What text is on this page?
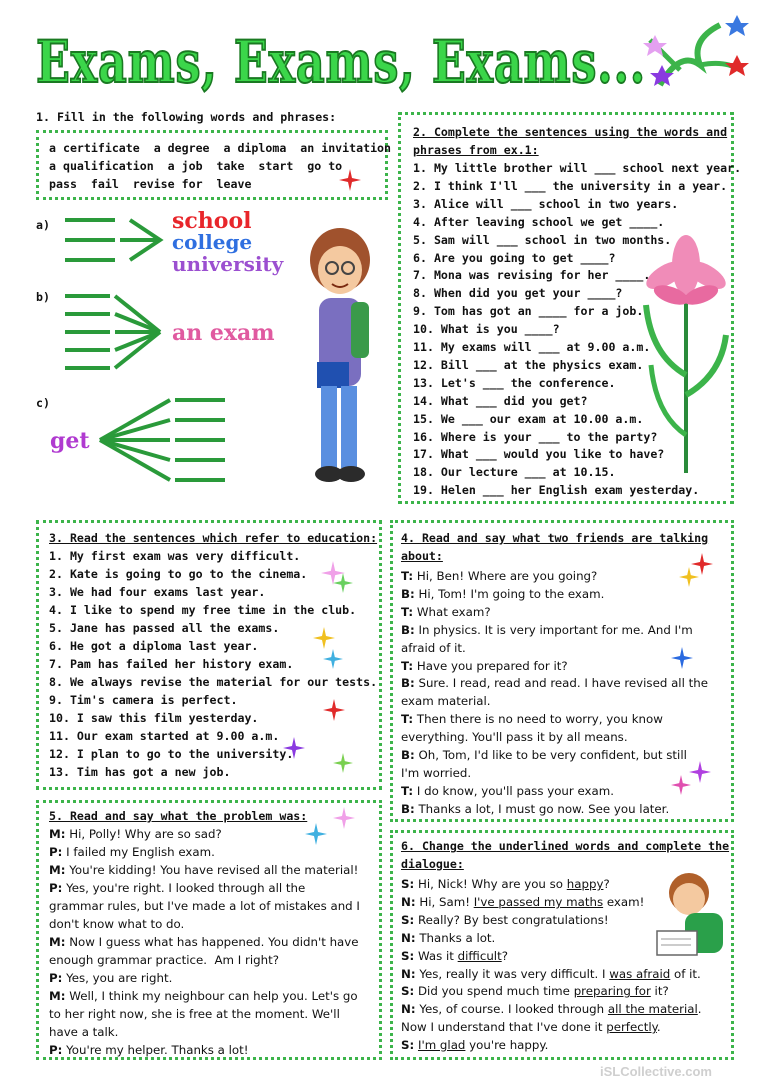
Exams, Exams, Exams...
1. Fill in the following words and phrases:
a certificate  a degree  a diploma  an invitation
a qualification  a job  take  start  go to
pass  fail  revise for  leave
a)	school
college
university
b)
an exam
c)
get
2. Complete the sentences using the words and
phrases from ex.1:
1. My little brother will ___ school next year.
2. I think I'll ___ the university in a year.
3. Alice will ___ school in two years.
4. After leaving school we get ____.
5. Sam will ___ school in two months.
6. Are you going to get ____?
7. Mona was revising for her ____.
8. When did you get your ____?
9. Tom has got an ____ for a job.
10. What is you ____?
11. My exams will ___ at 9.00 a.m.
12. Bill ___ at the physics exam.
13. Let's ___ the conference.
14. What ___ did you get?
15. We ___ our exam at 10.00 a.m.
16. Where is your ___ to the party?
17. What ___ would you like to have?
18. Our lecture ___ at 10.15.
19. Helen ___ her English exam yesterday.
3. Read the sentences which refer to education:
1. My first exam was very difficult.
2. Kate is going to go to the cinema.
3. We had four exams last year.
4. I like to spend my free time in the club.
5. Jane has passed all the exams.
6. He got a diploma last year.
7. Pam has failed her history exam.
8. We always revise the material for our tests.
9. Tim's camera is perfect.
10. I saw this film yesterday.
11. Our exam started at 9.00 a.m.
12. I plan to go to the university.
13. Tim has got a new job.
4. Read and say what two friends are talking
about:
T: Hi, Ben! Where are you going?
B: Hi, Tom! I'm going to the exam.
T: What exam?
B: In physics. It is very important for me. And I'm
afraid of it.
T: Have you prepared for it?
B: Sure. I read, read and read. I have revised all the
exam material.
T: Then there is no need to worry, you know
everything. You'll pass it by all means.
B: Oh, Tom, I'd like to be very confident, but still
I'm worried.
T: I do know, you'll pass your exam.
B: Thanks a lot, I must go now. See you later.
5. Read and say what the problem was:
M: Hi, Polly! Why are so sad?
P: I failed my English exam.
M: You're kidding! You have revised all the material!
P: Yes, you're right. I looked through all the
grammar rules, but I've made a lot of mistakes and I
don't know what to do.
M: Now I guess what has happened. You didn't have
enough grammar practice.  Am I right?
P: Yes, you are right.
M: Well, I think my neighbour can help you. Let's go
to her right now, she is free at the moment. We'll
have a talk.
P: You're my helper. Thanks a lot!
6. Change the underlined words and complete the
dialogue:
S: Hi, Nick! Why are you so happy?
N: Hi, Sam! I've passed my maths exam!
S: Really? By best congratulations!
N: Thanks a lot.
S: Was it difficult?
N: Yes, really it was very difficult. I was afraid of it.
S: Did you spend much time preparing for it?
N: Yes, of course. I looked through all the material.
Now I understand that I've done it perfectly.
S: I'm glad you're happy.
iSLCollective.com
